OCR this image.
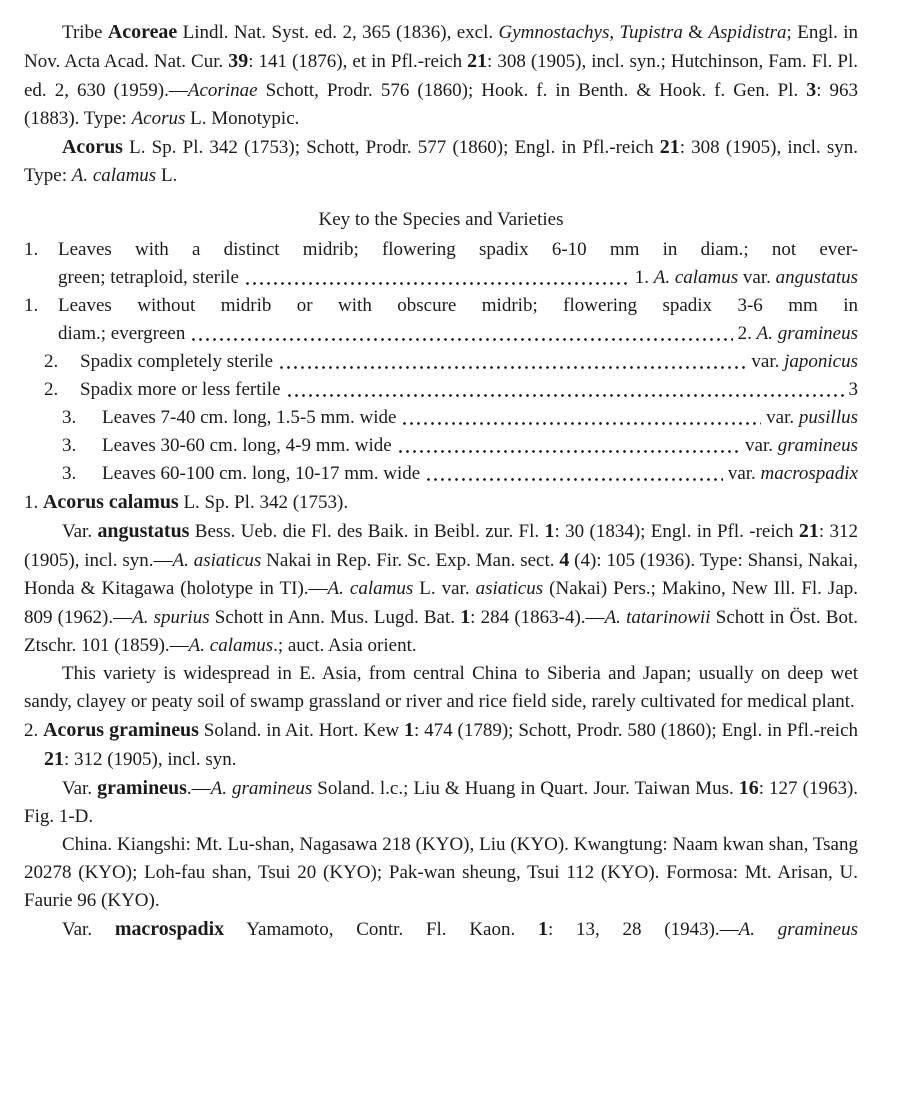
Tribe Acoreae Lindl. Nat. Syst. ed. 2, 365 (1836), excl. Gymnostachys, Tupistra & Aspidistra; Engl. in Nov. Acta Acad. Nat. Cur. 39: 141 (1876), et in Pfl.-reich 21: 308 (1905), incl. syn.; Hutchinson, Fam. Fl. Pl. ed. 2, 630 (1959).—Acorinae Schott, Prodr. 576 (1860); Hook. f. in Benth. & Hook. f. Gen. Pl. 3: 963 (1883). Type: Acorus L. Monotypic.

Acorus L. Sp. Pl. 342 (1753); Schott, Prodr. 577 (1860); Engl. in Pfl.-reich 21: 308 (1905), incl. syn. Type: A. calamus L.

Key to the Species and Varieties
1. Leaves with a distinct midrib; flowering spadix 6-10 mm in diam.; not ever-
green; tetraploid, sterile	1. A. calamus var. angustatus
1. Leaves without midrib or with obscure midrib; flowering spadix 3-6 mm in
diam.; evergreen	2. A. gramineus
2. Spadix completely sterile	var. japonicus
2. Spadix more or less fertile	3
3. Leaves 7-40 cm. long, 1.5-5 mm. wide	var. pusillus
3. Leaves 30-60 cm. long, 4-9 mm. wide	var. gramineus
3. Leaves 60-100 cm. long, 10-17 mm. wide	var. macrospadix

1. Acorus calamus L. Sp. Pl. 342 (1753).

Var. angustatus Bess. Ueb. die Fl. des Baik. in Beibl. zur. Fl. 1: 30 (1834); Engl. in Pfl. -reich 21: 312 (1905), incl. syn.—A. asiaticus Nakai in Rep. Fir. Sc. Exp. Man. sect. 4 (4): 105 (1936). Type: Shansi, Nakai, Honda & Kitagawa (holotype in TI).—A. calamus L. var. asiaticus (Nakai) Pers.; Makino, New Ill. Fl. Jap. 809 (1962).—A. spurius Schott in Ann. Mus. Lugd. Bat. 1: 284 (1863-4).—A. tatarinowii Schott in Öst. Bot. Ztschr. 101 (1859).—A. calamus.; auct. Asia orient.

This variety is widespread in E. Asia, from central China to Siberia and Japan; usually on deep wet sandy, clayey or peaty soil of swamp grassland or river and rice field side, rarely cultivated for medical plant.

2. Acorus gramineus Soland. in Ait. Hort. Kew 1: 474 (1789); Schott, Prodr. 580 (1860); Engl. in Pfl.-reich 21: 312 (1905), incl. syn.

Var. gramineus.—A. gramineus Soland. l.c.; Liu & Huang in Quart. Jour. Taiwan Mus. 16: 127 (1963). Fig. 1-D.

China. Kiangshi: Mt. Lu-shan, Nagasawa 218 (KYO), Liu (KYO). Kwangtung: Naam kwan shan, Tsang 20278 (KYO); Loh-fau shan, Tsui 20 (KYO); Pak-wan sheung, Tsui 112 (KYO). Formosa: Mt. Arisan, U. Faurie 96 (KYO).

Var. macrospadix Yamamoto, Contr. Fl. Kaon. 1: 13, 28 (1943).—A. gramineus
